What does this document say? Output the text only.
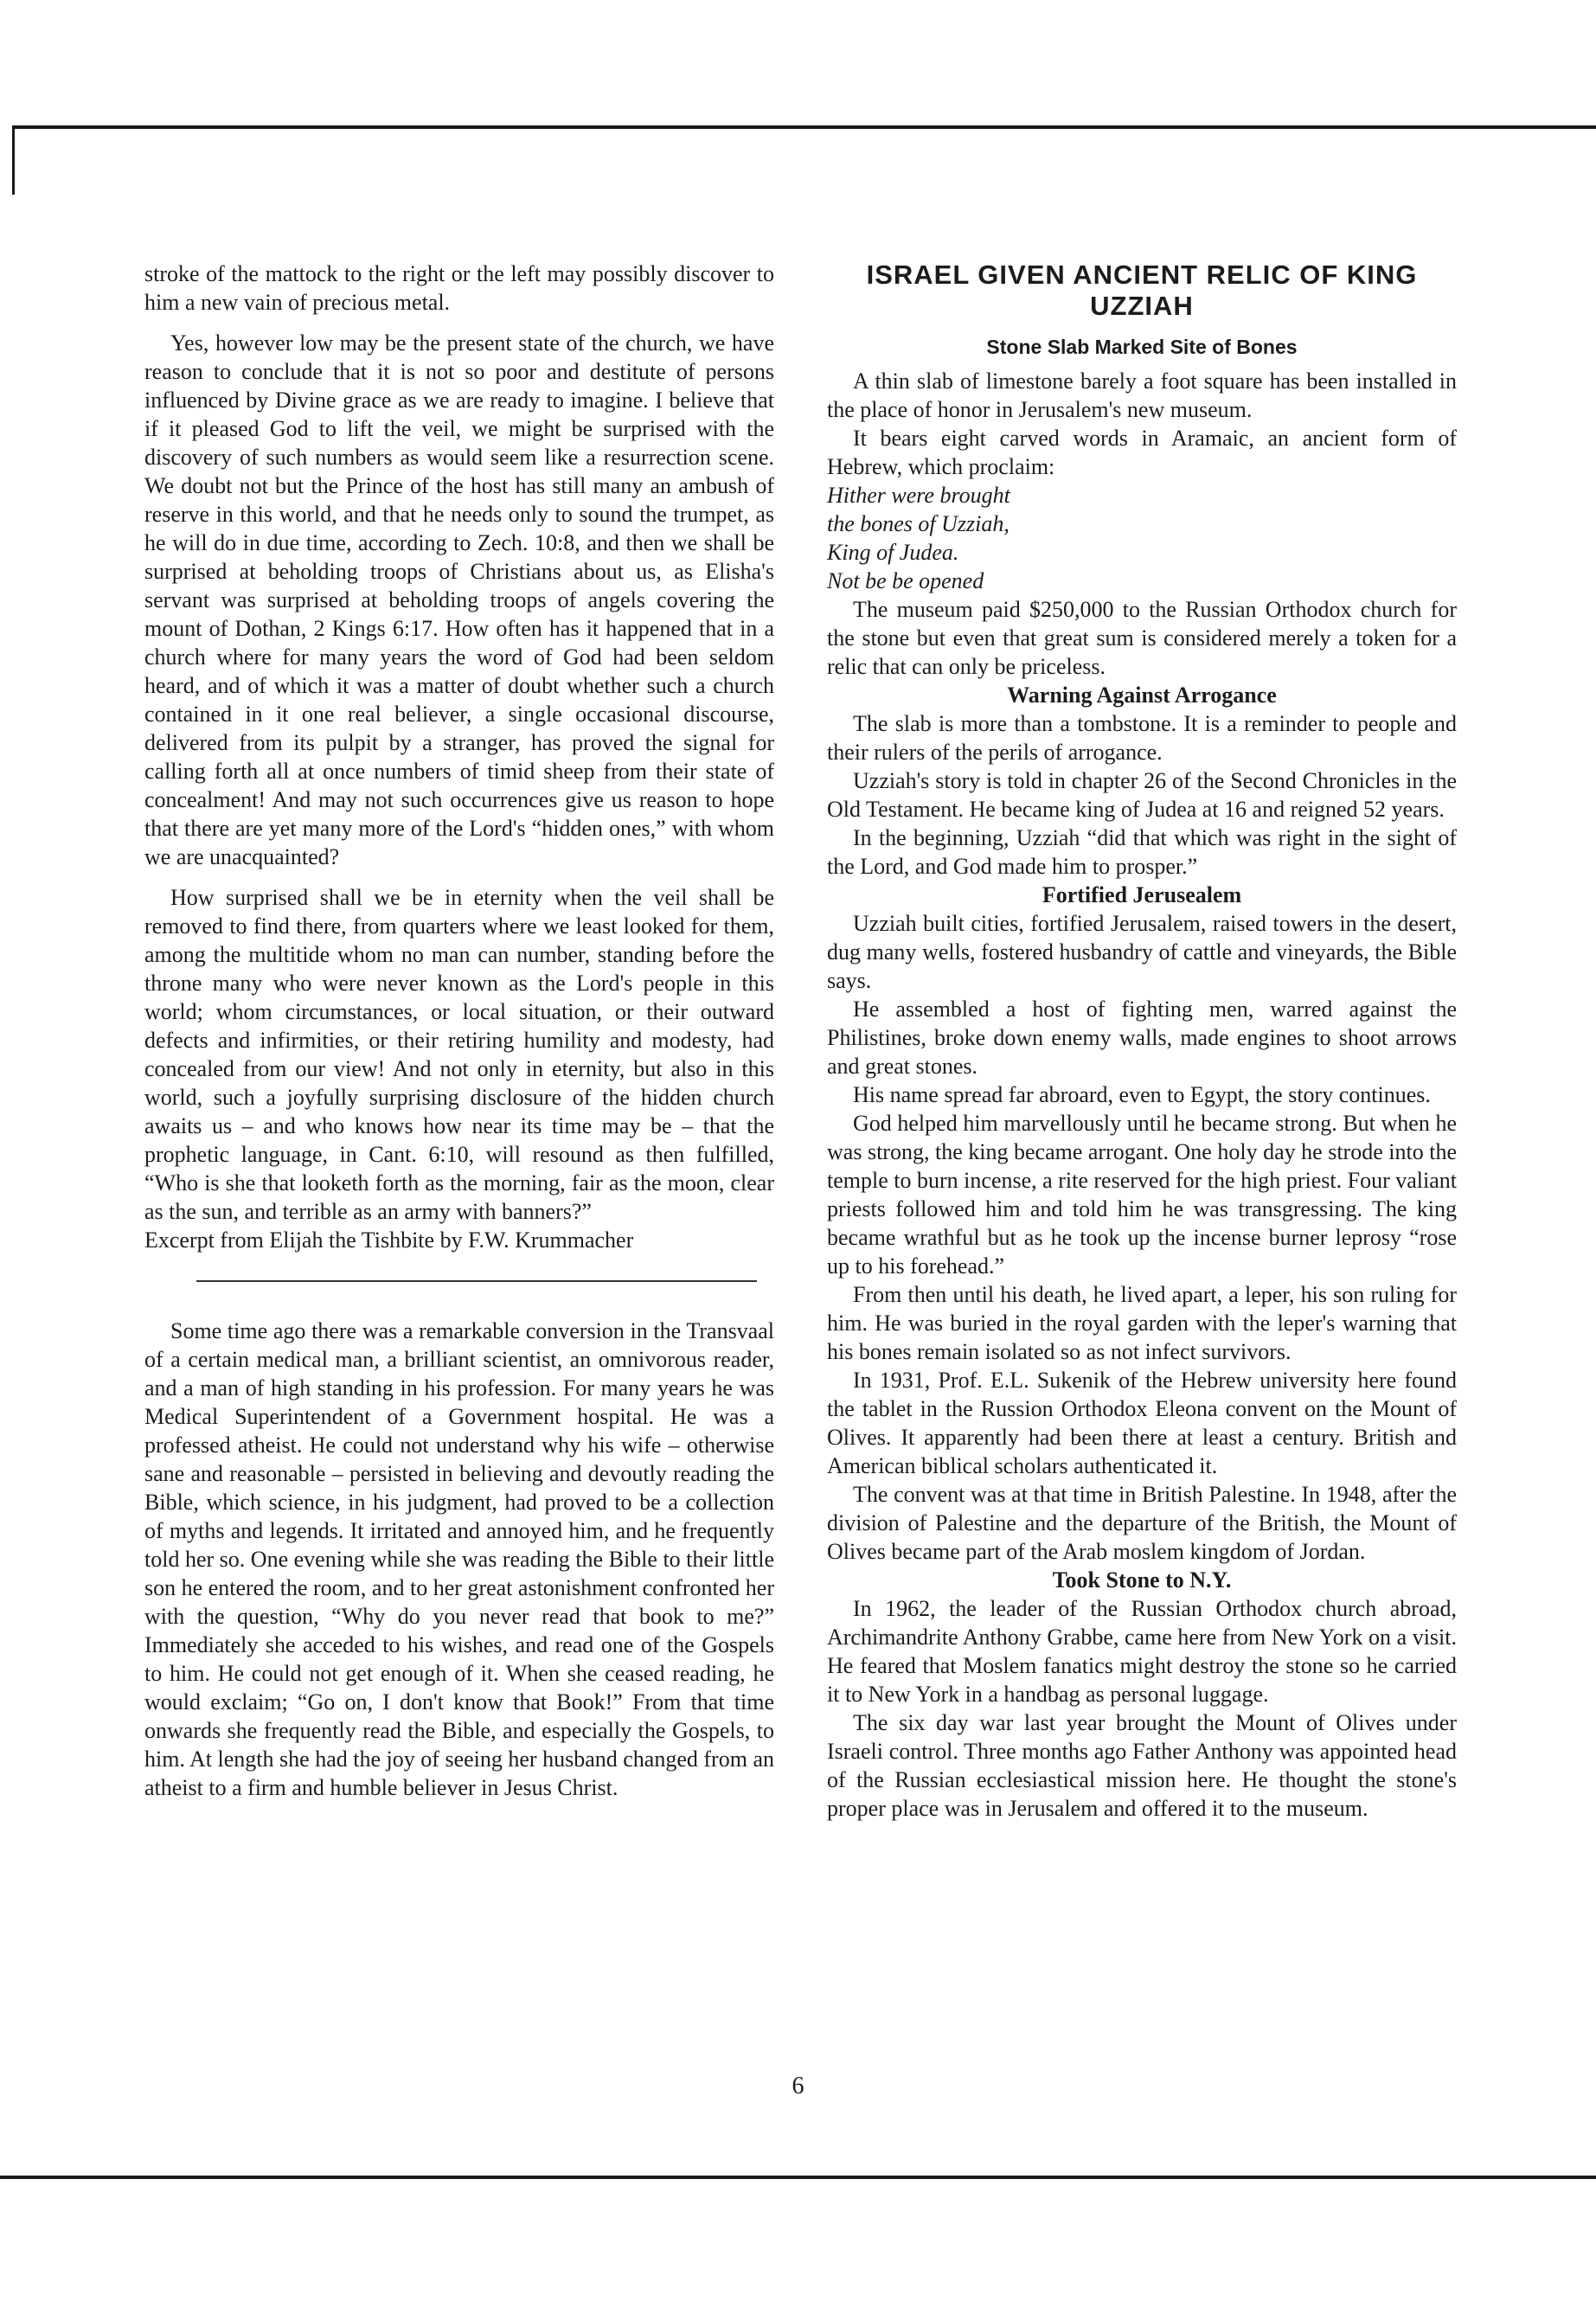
stroke of the mattock to the right or the left may possibly discover to him a new vain of precious metal.

Yes, however low may be the present state of the church, we have reason to conclude that it is not so poor and destitute of persons influenced by Divine grace as we are ready to imagine. I believe that if it pleased God to lift the veil, we might be surprised with the discovery of such numbers as would seem like a resurrection scene. We doubt not but the Prince of the host has still many an ambush of reserve in this world, and that he needs only to sound the trumpet, as he will do in due time, according to Zech. 10:8, and then we shall be surprised at beholding troops of Christians about us, as Elisha's servant was surprised at beholding troops of angels covering the mount of Dothan, 2 Kings 6:17. How often has it happened that in a church where for many years the word of God had been seldom heard, and of which it was a matter of doubt whether such a church contained in it one real believer, a single occasional discourse, delivered from its pulpit by a stranger, has proved the signal for calling forth all at once numbers of timid sheep from their state of concealment! And may not such occurrences give us reason to hope that there are yet many more of the Lord's “hidden ones,” with whom we are unacquainted?

How surprised shall we be in eternity when the veil shall be removed to find there, from quarters where we least looked for them, among the multitide whom no man can number, standing before the throne many who were never known as the Lord's people in this world; whom circumstances, or local situation, or their outward defects and infirmities, or their retiring humility and modesty, had concealed from our view! And not only in eternity, but also in this world, such a joyfully surprising disclosure of the hidden church awaits us – and who knows how near its time may be – that the prophetic language, in Cant. 6:10, will resound as then fulfilled, “Who is she that looketh forth as the morning, fair as the moon, clear as the sun, and terrible as an army with banners?”

Excerpt from Elijah the Tishbite by F.W. Krummacher

Some time ago there was a remarkable conversion in the Transvaal of a certain medical man, a brilliant scientist, an omnivorous reader, and a man of high standing in his profession. For many years he was Medical Superintendent of a Government hospital. He was a professed atheist. He could not understand why his wife – otherwise sane and reasonable – persisted in believing and devoutly reading the Bible, which science, in his judgment, had proved to be a collection of myths and legends. It irritated and annoyed him, and he frequently told her so. One evening while she was reading the Bible to their little son he entered the room, and to her great astonishment confronted her with the question, “Why do you never read that book to me?” Immediately she acceded to his wishes, and read one of the Gospels to him. He could not get enough of it. When she ceased reading, he would exclaim; “Go on, I don't know that Book!” From that time onwards she frequently read the Bible, and especially the Gospels, to him. At length she had the joy of seeing her husband changed from an atheist to a firm and humble believer in Jesus Christ.

ISRAEL GIVEN ANCIENT RELIC OF KING UZZIAH
Stone Slab Marked Site of Bones

A thin slab of limestone barely a foot square has been installed in the place of honor in Jerusalem's new museum.

It bears eight carved words in Aramaic, an ancient form of Hebrew, which proclaim:

Hither were brought
the bones of Uzziah,
King of Judea.
Not be be opened

The museum paid $250,000 to the Russian Orthodox church for the stone but even that great sum is considered merely a token for a relic that can only be priceless.

Warning Against Arrogance

The slab is more than a tombstone. It is a reminder to people and their rulers of the perils of arrogance.

Uzziah's story is told in chapter 26 of the Second Chronicles in the Old Testament. He became king of Judea at 16 and reigned 52 years.

In the beginning, Uzziah “did that which was right in the sight of the Lord, and God made him to prosper.”

Fortified Jerusealem

Uzziah built cities, fortified Jerusalem, raised towers in the desert, dug many wells, fostered husbandry of cattle and vineyards, the Bible says.

He assembled a host of fighting men, warred against the Philistines, broke down enemy walls, made engines to shoot arrows and great stones.

His name spread far abroard, even to Egypt, the story continues.

God helped him marvellously until he became strong. But when he was strong, the king became arrogant. One holy day he strode into the temple to burn incense, a rite reserved for the high priest. Four valiant priests followed him and told him he was transgressing. The king became wrathful but as he took up the incense burner leprosy “rose up to his forehead.”

From then until his death, he lived apart, a leper, his son ruling for him. He was buried in the royal garden with the leper's warning that his bones remain isolated so as not infect survivors.

In 1931, Prof. E.L. Sukenik of the Hebrew university here found the tablet in the Russion Orthodox Eleona convent on the Mount of Olives. It apparently had been there at least a century. British and American biblical scholars authenticated it.

The convent was at that time in British Palestine. In 1948, after the division of Palestine and the departure of the British, the Mount of Olives became part of the Arab moslem kingdom of Jordan.

Took Stone to N.Y.

In 1962, the leader of the Russian Orthodox church abroad, Archimandrite Anthony Grabbe, came here from New York on a visit. He feared that Moslem fanatics might destroy the stone so he carried it to New York in a handbag as personal luggage.

The six day war last year brought the Mount of Olives under Israeli control. Three months ago Father Anthony was appointed head of the Russian ecclesiastical mission here. He thought the stone's proper place was in Jerusalem and offered it to the museum.

6
